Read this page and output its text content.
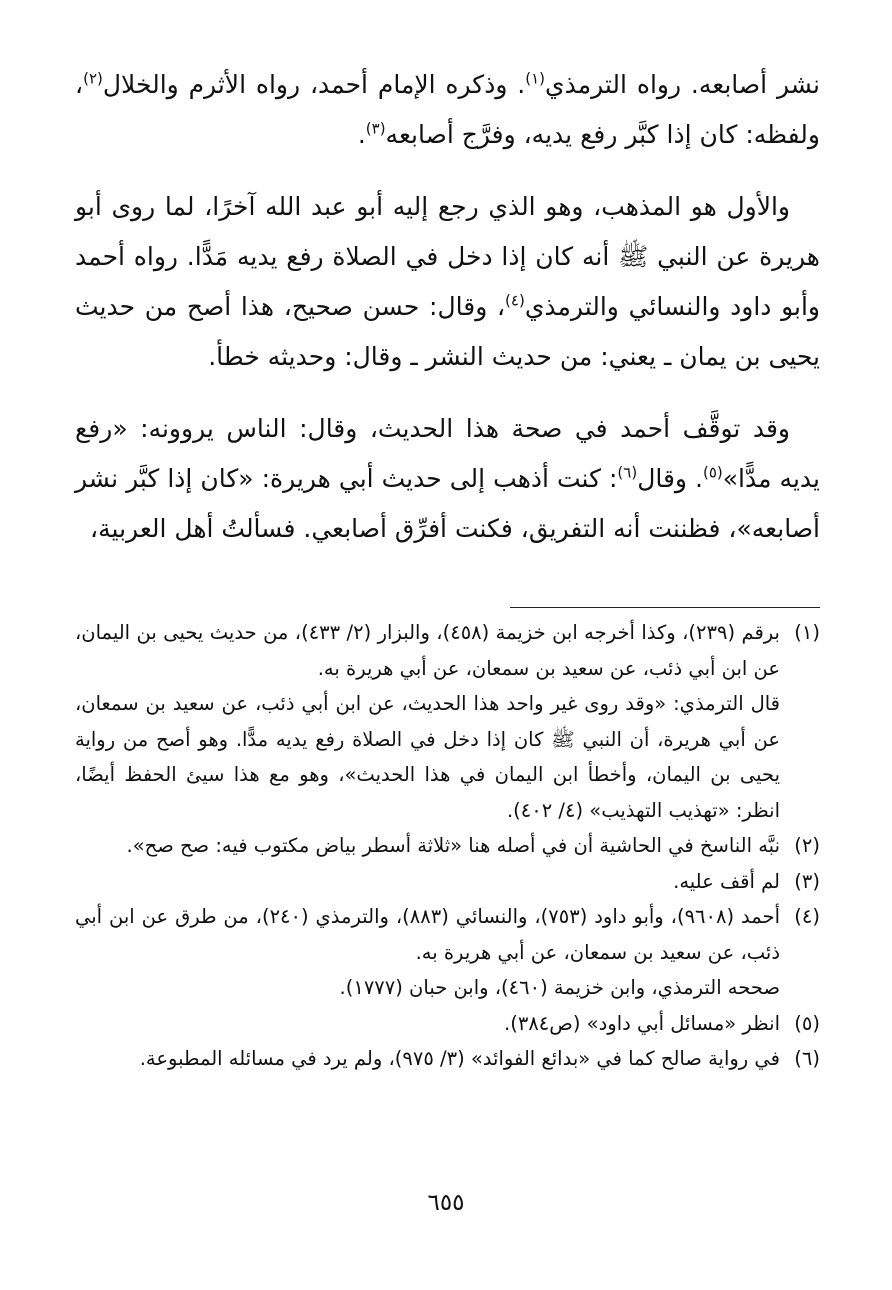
نشر أصابعه. رواه الترمذي$^{(١)}$. وذكره الإمام أحمد، رواه الأثرم والخلال$^{(٢)}$، ولفظه: كان إذا كبَّر رفع يديه، وفرَّج أصابعه$^{(٣)}$.

والأول هو المذهب، وهو الذي رجع إليه أبو عبد الله آخرًا، لما روى أبو هريرة عن النبي ﷺ أنه كان إذا دخل في الصلاة رفع يديه مَدًّا. رواه أحمد وأبو داود والنسائي والترمذي$^{(٤)}$، وقال: حسن صحيح، هذا أصح من حديث يحيى بن يمان ـ يعني: من حديث النشر ـ وقال: وحديثه خطأ.

وقد توقَّف أحمد في صحة هذا الحديث، وقال: الناس يروونه: «رفع يديه مدًّا»$^{(٥)}$. وقال$^{(٦)}$: كنت أذهب إلى حديث أبي هريرة: «كان إذا كبَّر نشر أصابعه»، فظننت أنه التفريق، فكنت أفرِّق أصابعي. فسألتُ أهل العربية،

(١)

برقم (٢٣٩)، وكذا أخرجه ابن خزيمة (٤٥٨)، والبزار (٢/ ٤٣٣)، من حديث يحيى بن اليمان، عن ابن أبي ذئب، عن سعيد بن سمعان، عن أبي هريرة به.

قال الترمذي: «وقد روى غير واحد هذا الحديث، عن ابن أبي ذئب، عن سعيد بن سمعان، عن أبي هريرة، أن النبي ﷺ كان إذا دخل في الصلاة رفع يديه مدًّا. وهو أصح من رواية يحيى بن اليمان، وأخطأ ابن اليمان في هذا الحديث»، وهو مع هذا سيئ الحفظ أيضًا، انظر: «تهذيب التهذيب» (٤/ ٤٠٢).

(٢)

نبَّه الناسخ في الحاشية أن في أصله هنا «ثلاثة أسطر بياض مكتوب فيه: صح صح».

(٣)

لم أقف عليه.

(٤)

أحمد (٩٦٠٨)، وأبو داود (٧٥٣)، والنسائي (٨٨٣)، والترمذي (٢٤٠)، من طرق عن ابن أبي ذئب، عن سعيد بن سمعان، عن أبي هريرة به.

صححه الترمذي، وابن خزيمة (٤٦٠)، وابن حبان (١٧٧٧).

(٥)

انظر «مسائل أبي داود» (ص٣٨٤).

(٦)

في رواية صالح كما في «بدائع الفوائد» (٣/ ٩٧٥)، ولم يرد في مسائله المطبوعة.

٦٥٥
